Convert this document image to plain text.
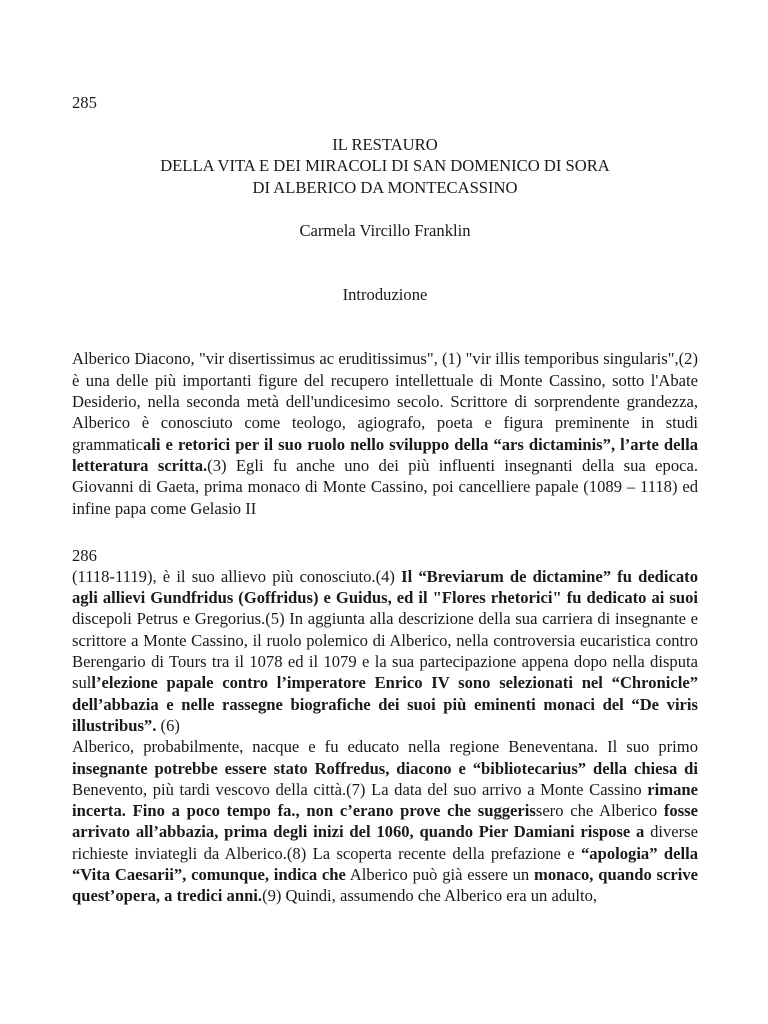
285
IL RESTAURO
DELLA VITA E DEI MIRACOLI DI SAN DOMENICO DI SORA
DI ALBERICO DA MONTECASSINO
Carmela Vircillo Franklin
Introduzione

Alberico Diacono, "vir disertissimus ac eruditissimus", (1) "vir illis temporibus singularis",(2) è una delle più importanti figure del recupero intellettuale di Monte Cassino, sotto l'Abate Desiderio, nella seconda metà dell'undicesimo secolo. Scrittore di sorprendente grandezza, Alberico è conosciuto come teologo, agiografo, poeta e figura preminente in studi grammaticali e retorici per il suo ruolo nello sviluppo della “ars dictaminis”, l’arte della letteratura scritta.(3) Egli fu anche uno dei più influenti insegnanti della sua epoca. Giovanni di Gaeta, prima monaco di Monte Cassino, poi cancelliere papale (1089 – 1118) ed infine papa come Gelasio II

286

(1118-1119), è il suo allievo più conosciuto.(4) Il “Breviarum de dictamine” fu dedicato agli allievi Gundfridus (Goffridus) e Guidus, ed il "Flores rhetorici" fu dedicato ai suoi discepoli Petrus e Gregorius.(5) In aggiunta alla descrizione della sua carriera di insegnante e scrittore a Monte Cassino, il ruolo polemico di Alberico, nella controversia eucaristica contro Berengario di Tours tra il 1078 ed il 1079 e la sua partecipazione appena dopo nella disputa sull’elezione papale contro l’imperatore Enrico IV sono selezionati nel “Chronicle” dell’abbazia e nelle rassegne biografiche dei suoi più eminenti monaci del “De viris illustribus”. (6)

Alberico, probabilmente, nacque e fu educato nella regione Beneventana. Il suo primo insegnante potrebbe essere stato Roffredus, diacono e “bibliotecarius” della chiesa di Benevento, più tardi vescovo della città.(7) La data del suo arrivo a Monte Cassino rimane incerta. Fino a poco tempo fa., non c’erano prove che suggerissero che Alberico fosse arrivato all’abbazia, prima degli inizi del 1060, quando Pier Damiani rispose a diverse richieste inviategli da Alberico.(8) La scoperta recente della prefazione e “apologia” della “Vita Caesarii”, comunque, indica che Alberico può già essere un monaco, quando scrive quest’opera, a tredici anni.(9) Quindi, assumendo che Alberico era un adulto,
